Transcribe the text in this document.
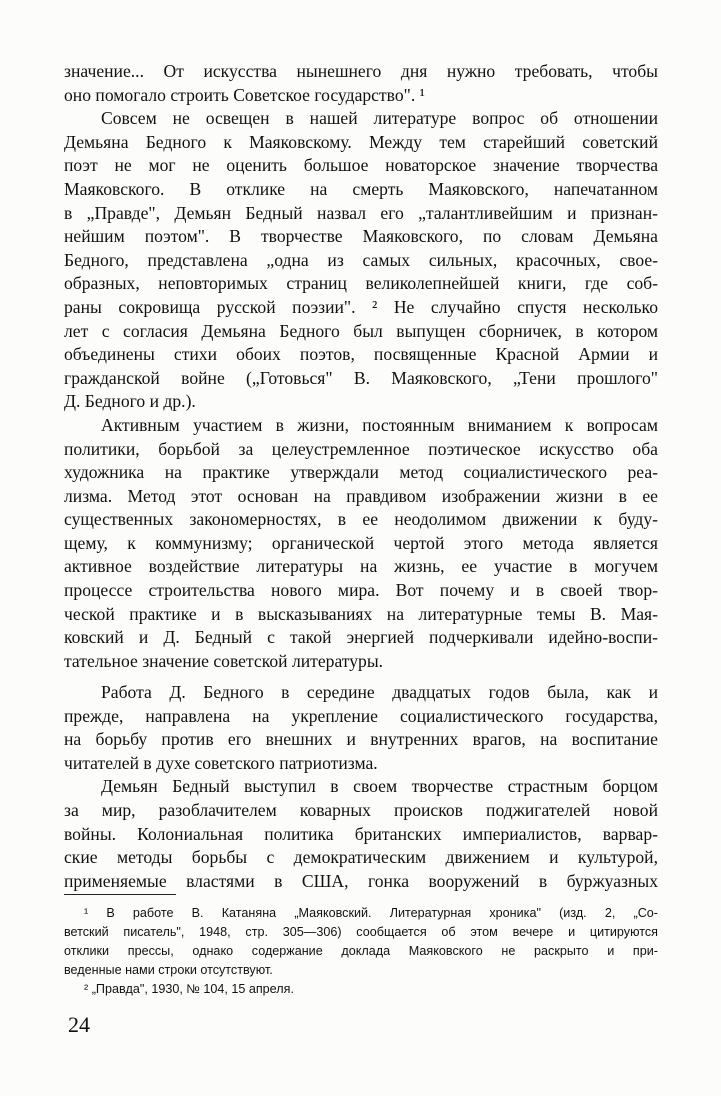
значение... От искусства нынешнего дня нужно требовать, чтобы
оно помогало строить Советское государство". ¹
Совсем не освещен в нашей литературе вопрос об отношении
Демьяна Бедного к Маяковскому. Между тем старейший советский
поэт не мог не оценить большое новаторское значение творчества
Маяковского. В отклике на смерть Маяковского, напечатанном
в „Правде", Демьян Бедный назвал его „талантливейшим и признан-
нейшим поэтом". В творчестве Маяковского, по словам Демьяна
Бедного, представлена „одна из самых сильных, красочных, свое-
образных, неповторимых страниц великолепнейшей книги, где соб-
раны сокровища русской поэзии". ² Не случайно спустя несколько
лет с согласия Демьяна Бедного был выпущен сборничек, в котором
объединены стихи обоих поэтов, посвященные Красной Армии и
гражданской войне („Готовься" В. Маяковского, „Тени прошлого"
Д. Бедного и др.).
Активным участием в жизни, постоянным вниманием к вопросам
политики, борьбой за целеустремленное поэтическое искусство оба
художника на практике утверждали метод социалистического реа-
лизма. Метод этот основан на правдивом изображении жизни в ее
существенных закономерностях, в ее неодолимом движении к буду-
щему, к коммунизму; органической чертой этого метода является
активное воздействие литературы на жизнь, ее участие в могучем
процессе строительства нового мира. Вот почему и в своей твор-
ческой практике и в высказываниях на литературные темы В. Мая-
ковский и Д. Бедный с такой энергией подчеркивали идейно-воспи-
тательное значение советской литературы.
Работа Д. Бедного в середине двадцатых годов была, как и
прежде, направлена на укрепление социалистического государства,
на борьбу против его внешних и внутренних врагов, на воспитание
читателей в духе советского патриотизма.
Демьян Бедный выступил в своем творчестве страстным борцом
за мир, разоблачителем коварных происков поджигателей новой
войны. Колониальная политика британских империалистов, варвар-
ские методы борьбы с демократическим движением и культурой,
применяемые властями в США, гонка вооружений в буржуазных
¹ В работе В. Катаняна „Маяковский. Литературная хроника" (изд. 2, „Со-
ветский писатель", 1948, стр. 305—306) сообщается об этом вечере и цитируются
отклики прессы, однако содержание доклада Маяковского не раскрыто и при-
веденные нами строки отсутствуют.
² „Правда", 1930, № 104, 15 апреля.
24
